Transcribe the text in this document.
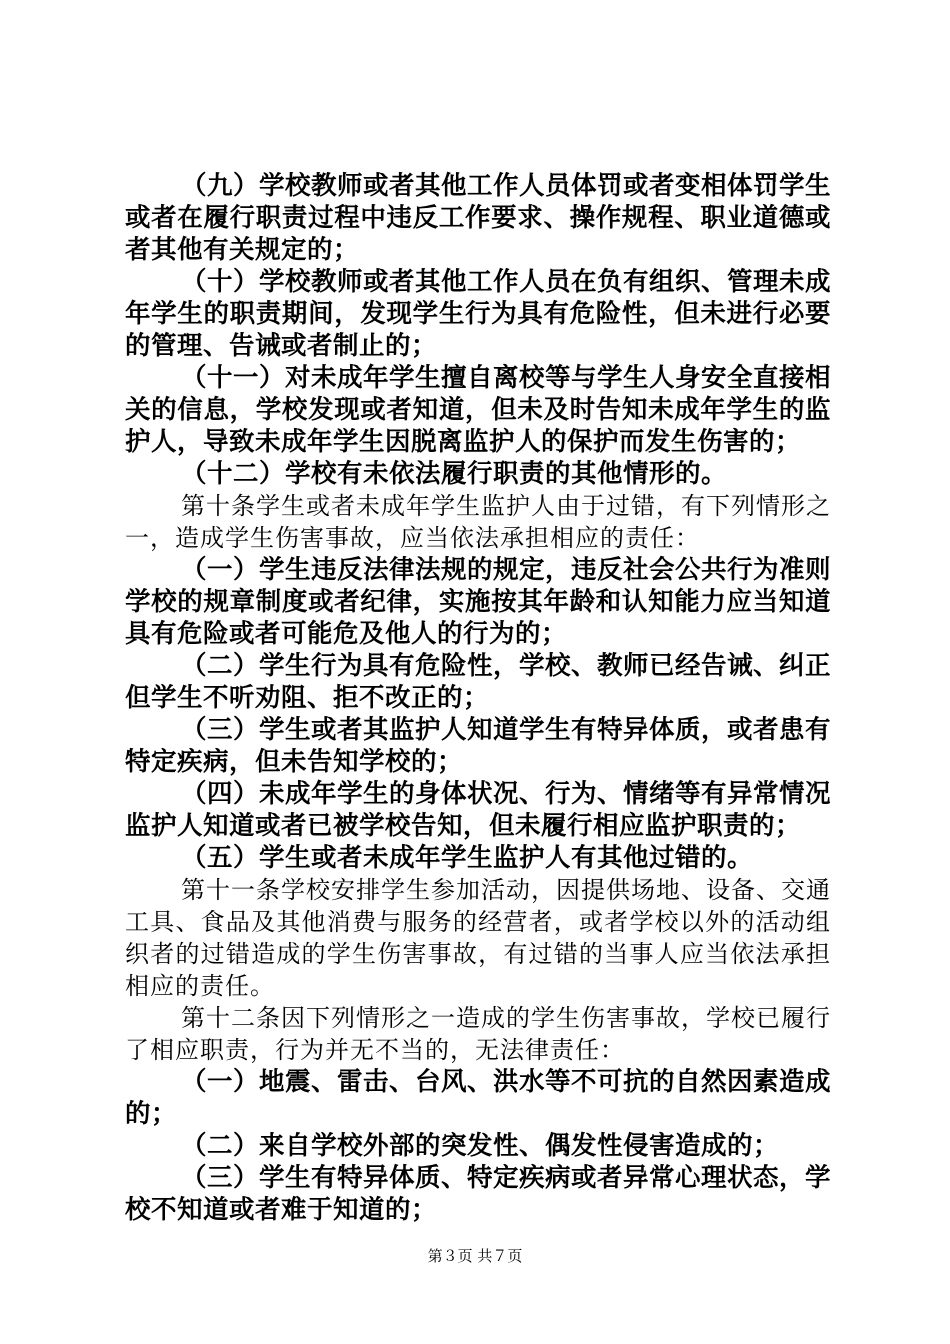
（九）学校教师或者其他工作人员体罚或者变相体罚学生或者在履行职责过程中违反工作要求、操作规程、职业道德或者其他有关规定的；

（十）学校教师或者其他工作人员在负有组织、管理未成年学生的职责期间，发现学生行为具有危险性，但未进行必要的管理、告诫或者制止的；

（十一）对未成年学生擅自离校等与学生人身安全直接相关的信息，学校发现或者知道，但未及时告知未成年学生的监护人，导致未成年学生因脱离监护人的保护而发生伤害的；

（十二）学校有未依法履行职责的其他情形的。

第十条学生或者未成年学生监护人由于过错，有下列情形之一，造成学生伤害事故，应当依法承担相应的责任：

（一）学生违反法律法规的规定，违反社会公共行为准则学校的规章制度或者纪律，实施按其年龄和认知能力应当知道具有危险或者可能危及他人的行为的；

（二）学生行为具有危险性，学校、教师已经告诫、纠正但学生不听劝阻、拒不改正的；

（三）学生或者其监护人知道学生有特异体质，或者患有特定疾病，但未告知学校的；

（四）未成年学生的身体状况、行为、情绪等有异常情况监护人知道或者已被学校告知，但未履行相应监护职责的；

（五）学生或者未成年学生监护人有其他过错的。

第十一条学校安排学生参加活动，因提供场地、设备、交通工具、食品及其他消费与服务的经营者，或者学校以外的活动组织者的过错造成的学生伤害事故，有过错的当事人应当依法承担相应的责任。

第十二条因下列情形之一造成的学生伤害事故，学校已履行了相应职责，行为并无不当的，无法律责任：

（一）地震、雷击、台风、洪水等不可抗的自然因素造成的；

（二）来自学校外部的突发性、偶发性侵害造成的；

（三）学生有特异体质、特定疾病或者异常心理状态，学校不知道或者难于知道的；

第３页 共７页
